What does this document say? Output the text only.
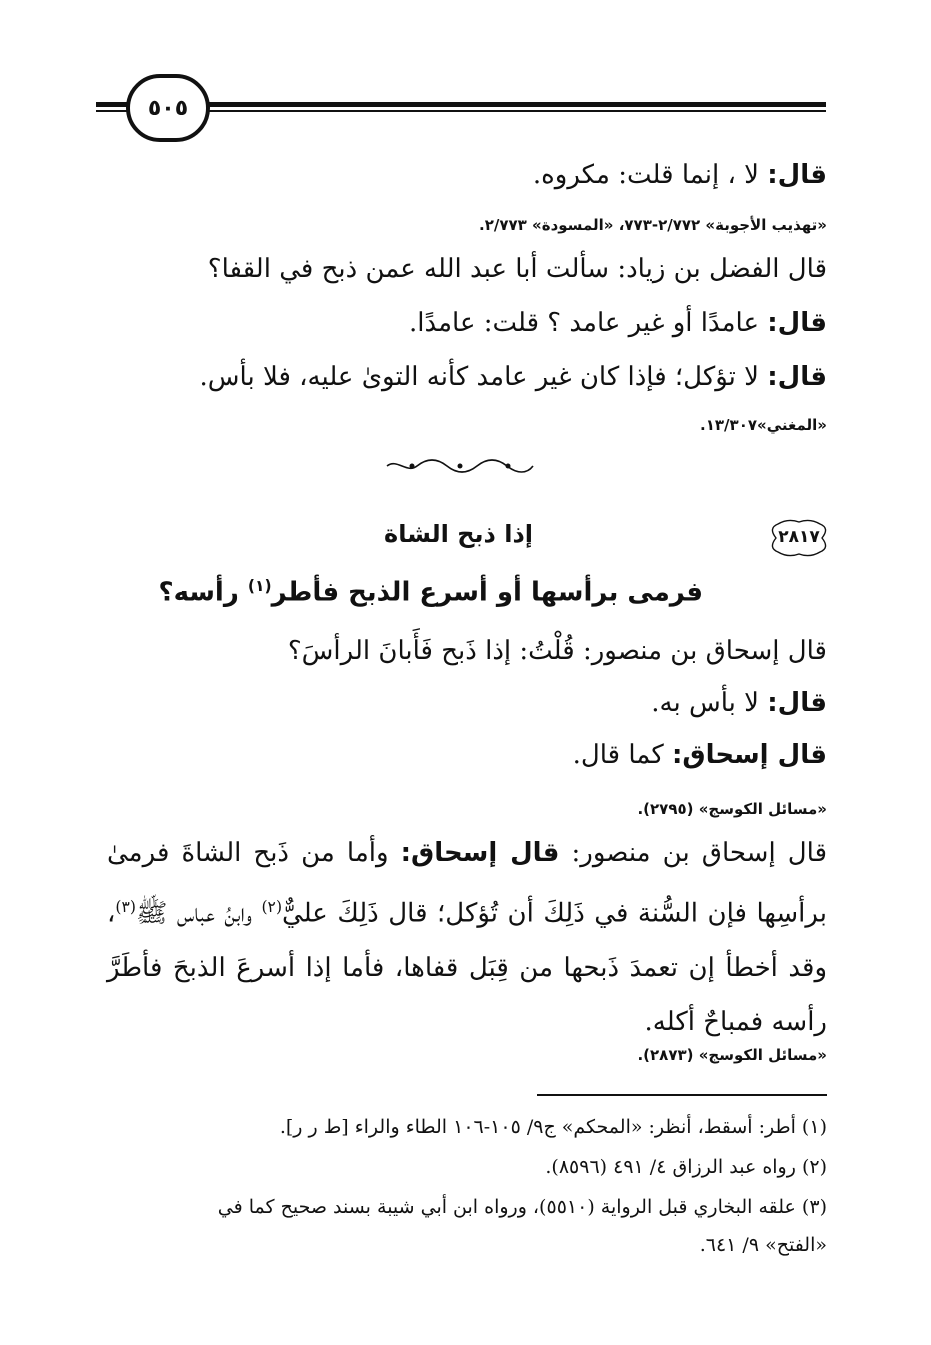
٥٠٥
قال: لا ، إنما قلت: مكروه.
«تهذيب الأجوبة» ٢/٧٧٢-٧٧٣، «المسودة» ٢/٧٧٣.
قال الفضل بن زياد: سألت أبا عبد الله عمن ذبح في القفا؟
قال: عامدًا أو غير عامد ؟ قلت: عامدًا.
قال: لا تؤكل؛ فإذا كان غير عامد كأنه التوىٰ عليه، فلا بأس.
«المغني»١٣/٣٠٧.
٢٨١٧
إذا ذبح الشاة
فرمى برأسها أو أسرع الذبح فأطر$^{(١)}$ رأسه؟
قال إسحاق بن منصور: قُلْتُ: إذا ذَبح فَأَبانَ الرأسَ؟
قال: لا بأس به.
قال إسحاق: كما قال.
«مسائل الكوسج» (٢٧٩٥).
قال إسحاق بن منصور: قال إسحاق: وأما من ذَبح الشاةَ فرمىٰ برأسِها فإن السُّنة في ذَلِكَ أن تُؤكل؛ قال ذَلِكَ عليٌّ$^{(٢)}$ وابنُ عباس ﷺ$^{(٣)}$، وقد أخطأ إن تعمدَ ذَبحها من قِبَل قفاها، فأما إذا أسرعَ الذبحَ فأطَرَّ رأسه فمباحٌ أكله.
«مسائل الكوسج» (٢٨٧٣).
(١) أطر: أسقط، أنظر: «المحكم» ج٩/ ١٠٥-١٠٦ الطاء والراء [ط ر ر].
(٢) رواه عبد الرزاق ٤/ ٤٩١ (٨٥٩٦).
(٣) علقه البخاري قبل الرواية (٥٥١٠)، ورواه ابن أبي شيبة بسند صحيح كما في
«الفتح» ٩/ ٦٤١.
